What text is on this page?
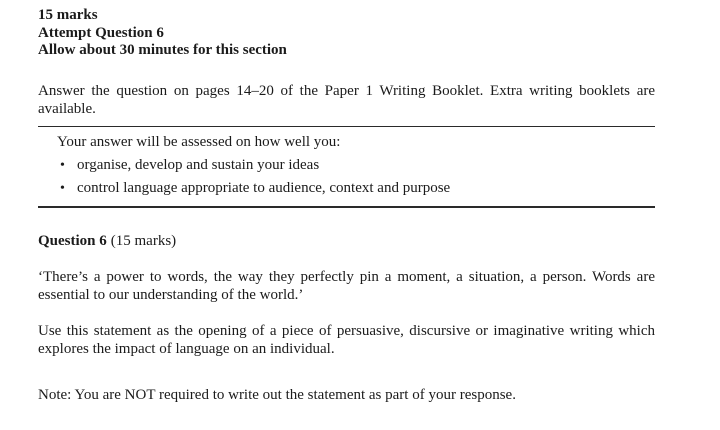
15 marks
Attempt Question 6
Allow about 30 minutes for this section

Answer the question on pages 14–20 of the Paper 1 Writing Booklet. Extra writing booklets are available.

Your answer will be assessed on how well you:

• organise, develop and sustain your ideas
• control language appropriate to audience, context and purpose

Question 6 (15 marks)

‘There’s a power to words, the way they perfectly pin a moment, a situation, a person. Words are essential to our understanding of the world.’

Use this statement as the opening of a piece of persuasive, discursive or imaginative writing which explores the impact of language on an individual.

Note: You are NOT required to write out the statement as part of your response.
